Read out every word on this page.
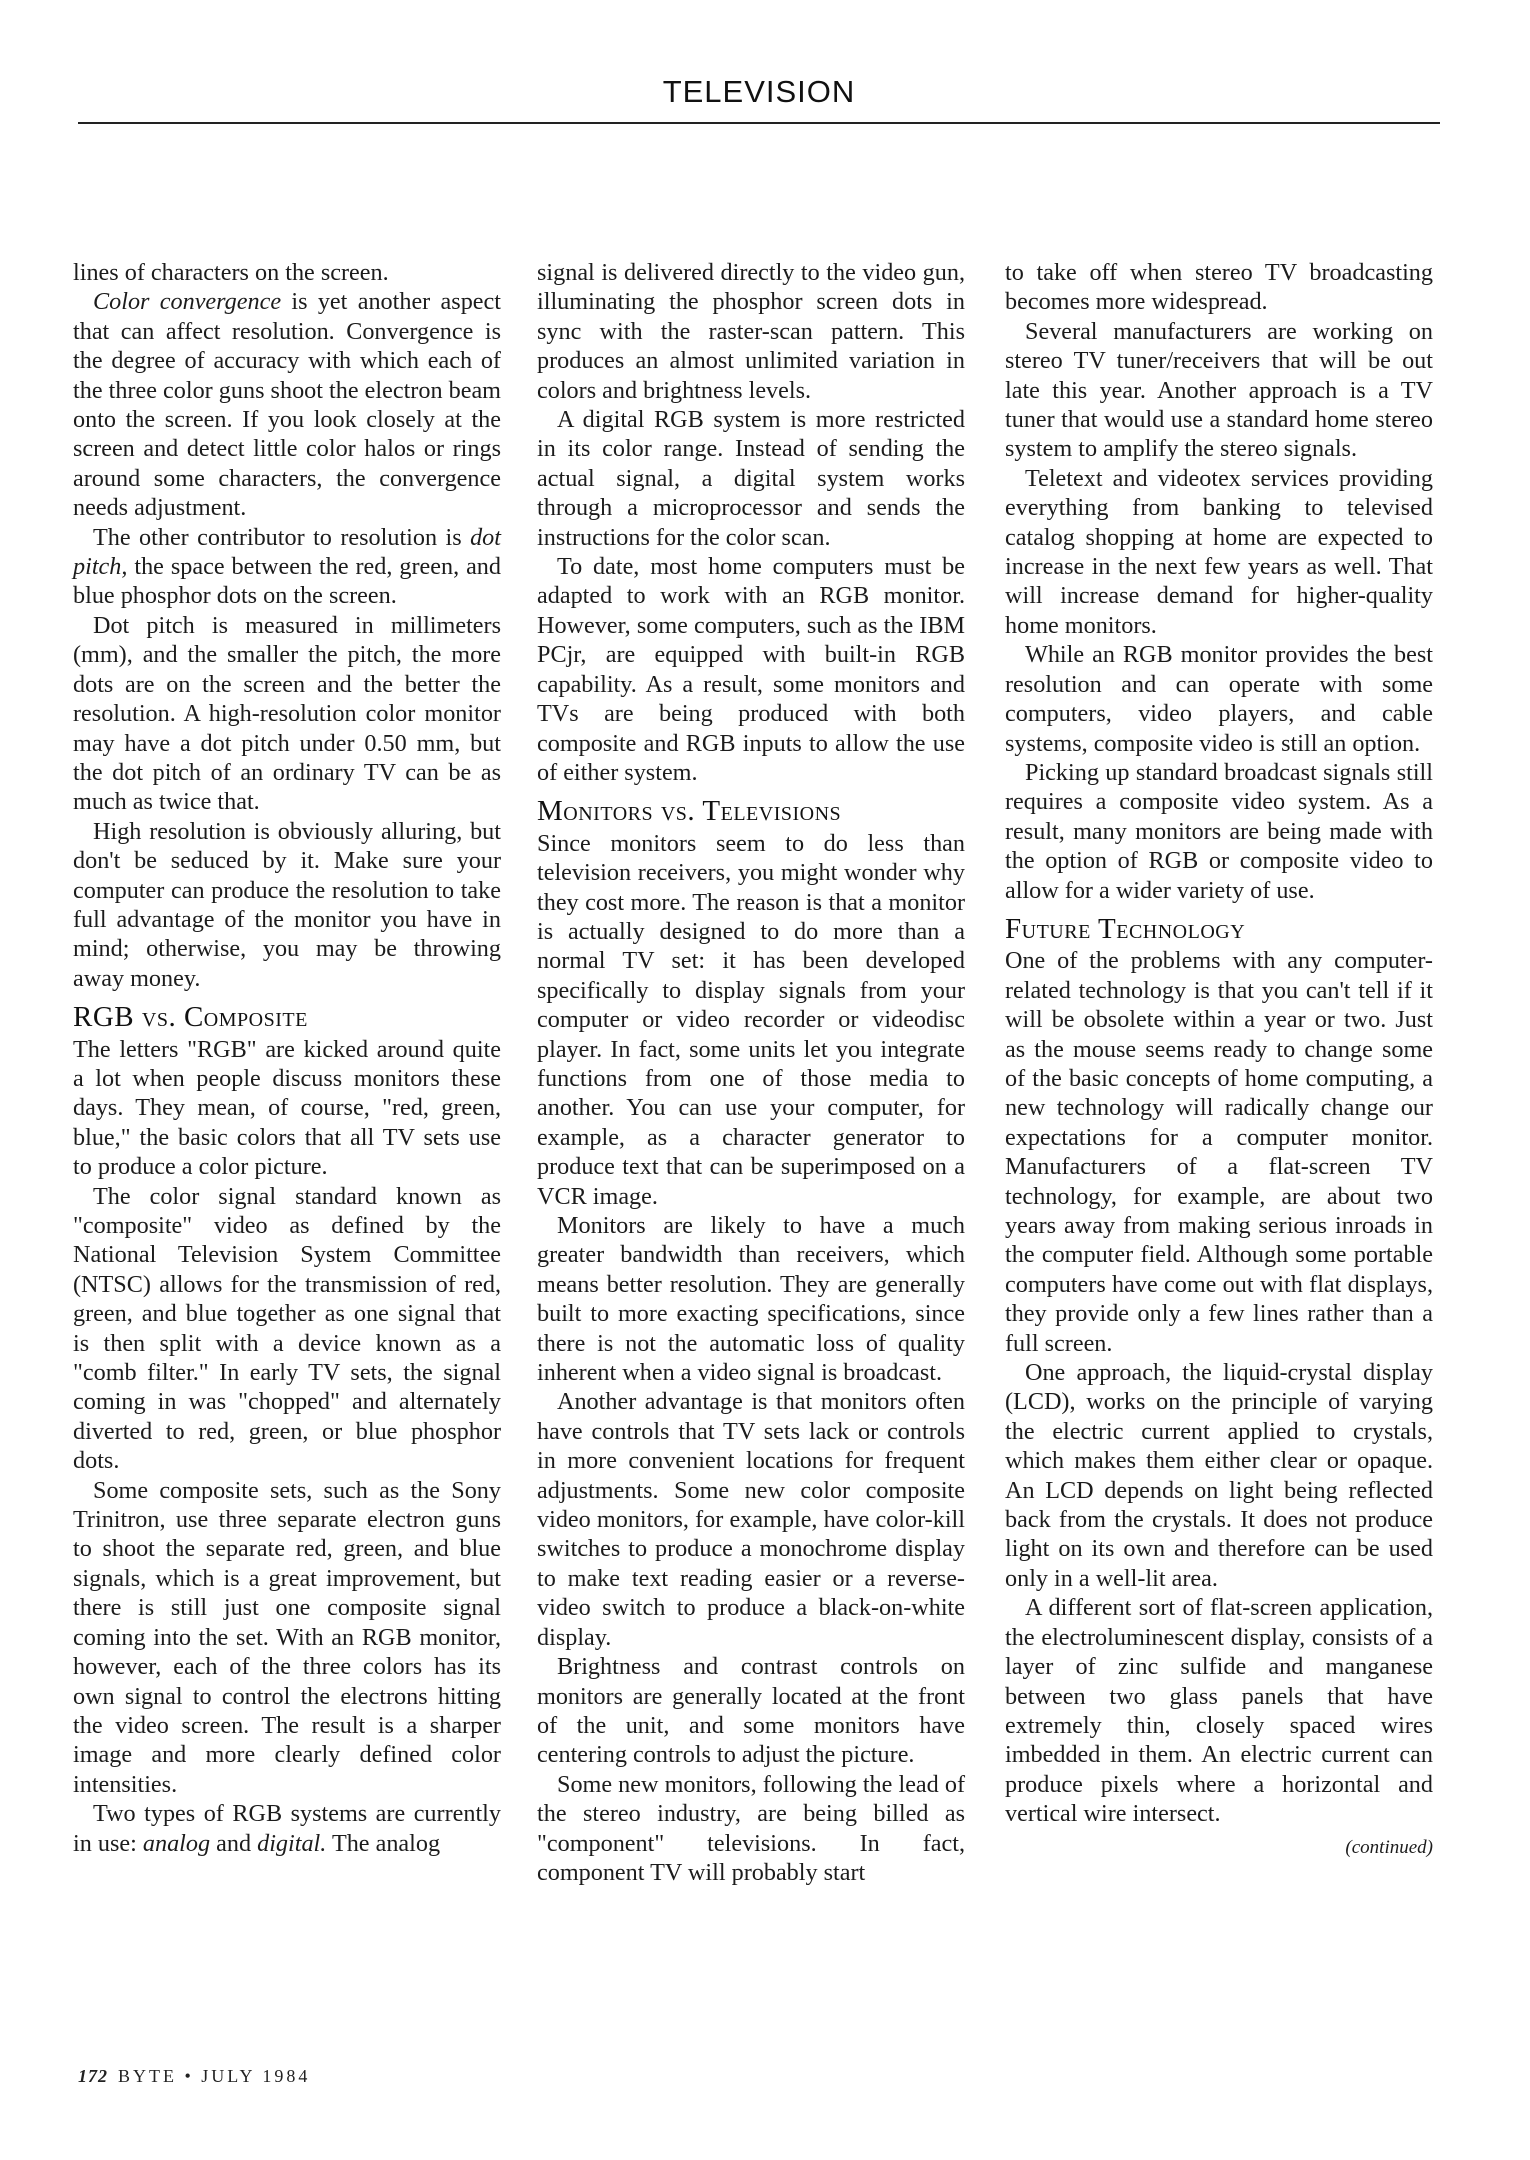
TELEVISION

lines of characters on the screen.

Color convergence is yet another aspect that can affect resolution. Convergence is the degree of accuracy with which each of the three color guns shoot the electron beam onto the screen. If you look closely at the screen and detect little color halos or rings around some characters, the convergence needs adjustment.

The other contributor to resolution is dot pitch, the space between the red, green, and blue phosphor dots on the screen.

Dot pitch is measured in millimeters (mm), and the smaller the pitch, the more dots are on the screen and the better the resolution. A high-resolution color monitor may have a dot pitch under 0.50 mm, but the dot pitch of an ordinary TV can be as much as twice that.

High resolution is obviously alluring, but don't be seduced by it. Make sure your computer can produce the resolution to take full advantage of the monitor you have in mind; otherwise, you may be throwing away money.

RGB vs. Composite

The letters "RGB" are kicked around quite a lot when people discuss monitors these days. They mean, of course, "red, green, blue," the basic colors that all TV sets use to produce a color picture.

The color signal standard known as "composite" video as defined by the National Television System Committee (NTSC) allows for the transmission of red, green, and blue together as one signal that is then split with a device known as a "comb filter." In early TV sets, the signal coming in was "chopped" and alternately diverted to red, green, or blue phosphor dots.

Some composite sets, such as the Sony Trinitron, use three separate electron guns to shoot the separate red, green, and blue signals, which is a great improvement, but there is still just one composite signal coming into the set. With an RGB monitor, however, each of the three colors has its own signal to control the electrons hitting the video screen. The result is a sharper image and more clearly defined color intensities.

Two types of RGB systems are currently in use: analog and digital. The analog

signal is delivered directly to the video gun, illuminating the phosphor screen dots in sync with the raster-scan pattern. This produces an almost unlimited variation in colors and brightness levels.

A digital RGB system is more restricted in its color range. Instead of sending the actual signal, a digital system works through a microprocessor and sends the instructions for the color scan.

To date, most home computers must be adapted to work with an RGB monitor. However, some computers, such as the IBM PCjr, are equipped with built-in RGB capability. As a result, some monitors and TVs are being produced with both composite and RGB inputs to allow the use of either system.

Monitors vs. Televisions

Since monitors seem to do less than television receivers, you might wonder why they cost more. The reason is that a monitor is actually designed to do more than a normal TV set: it has been developed specifically to display signals from your computer or video recorder or videodisc player. In fact, some units let you integrate functions from one of those media to another. You can use your computer, for example, as a character generator to produce text that can be superimposed on a VCR image.

Monitors are likely to have a much greater bandwidth than receivers, which means better resolution. They are generally built to more exacting specifications, since there is not the automatic loss of quality inherent when a video signal is broadcast.

Another advantage is that monitors often have controls that TV sets lack or controls in more convenient locations for frequent adjustments. Some new color composite video monitors, for example, have color-kill switches to produce a monochrome display to make text reading easier or a reverse-video switch to produce a black-on-white display.

Brightness and contrast controls on monitors are generally located at the front of the unit, and some monitors have centering controls to adjust the picture.

Some new monitors, following the lead of the stereo industry, are being billed as "component" televisions. In fact, component TV will probably start

to take off when stereo TV broadcasting becomes more widespread.

Several manufacturers are working on stereo TV tuner/receivers that will be out late this year. Another approach is a TV tuner that would use a standard home stereo system to amplify the stereo signals.

Teletext and videotex services providing everything from banking to televised catalog shopping at home are expected to increase in the next few years as well. That will increase demand for higher-quality home monitors.

While an RGB monitor provides the best resolution and can operate with some computers, video players, and cable systems, composite video is still an option.

Picking up standard broadcast signals still requires a composite video system. As a result, many monitors are being made with the option of RGB or composite video to allow for a wider variety of use.

Future Technology

One of the problems with any computer-related technology is that you can't tell if it will be obsolete within a year or two. Just as the mouse seems ready to change some of the basic concepts of home computing, a new technology will radically change our expectations for a computer monitor. Manufacturers of a flat-screen TV technology, for example, are about two years away from making serious inroads in the computer field. Although some portable computers have come out with flat displays, they provide only a few lines rather than a full screen.

One approach, the liquid-crystal display (LCD), works on the principle of varying the electric current applied to crystals, which makes them either clear or opaque. An LCD depends on light being reflected back from the crystals. It does not produce light on its own and therefore can be used only in a well-lit area.

A different sort of flat-screen application, the electroluminescent display, consists of a layer of zinc sulfide and manganese between two glass panels that have extremely thin, closely spaced wires imbedded in them. An electric current can produce pixels where a horizontal and vertical wire intersect.

(continued)
172 BYTE • JULY 1984
